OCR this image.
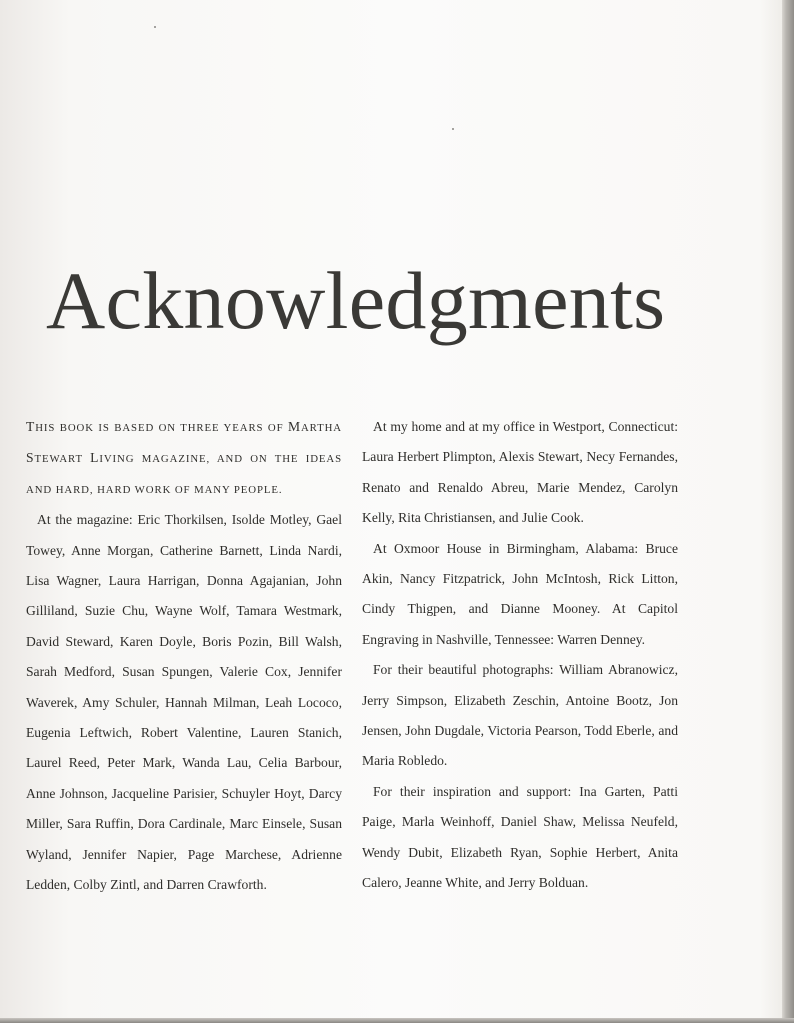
Acknowledgments

THIS BOOK IS BASED ON THREE YEARS OF MARTHA STEWART LIVING MAGAZINE, AND ON THE IDEAS AND HARD, HARD WORK OF MANY PEOPLE.

At the magazine: Eric Thorkilsen, Isolde Motley, Gael Towey, Anne Morgan, Catherine Barnett, Linda Nardi, Lisa Wagner, Laura Harrigan, Donna Agajanian, John Gilliland, Suzie Chu, Wayne Wolf, Tamara Westmark, David Steward, Karen Doyle, Boris Pozin, Bill Walsh, Sarah Medford, Susan Spungen, Valerie Cox, Jennifer Waverek, Amy Schuler, Hannah Milman, Leah Lococo, Eugenia Leftwich, Robert Valentine, Lauren Stanich, Laurel Reed, Peter Mark, Wanda Lau, Celia Barbour, Anne Johnson, Jacqueline Parisier, Schuyler Hoyt, Darcy Miller, Sara Ruffin, Dora Cardinale, Marc Einsele, Susan Wyland, Jennifer Napier, Page Marchese, Adrienne Ledden, Colby Zintl, and Darren Crawforth.

At my home and at my office in Westport, Connecticut: Laura Herbert Plimpton, Alexis Stewart, Necy Fernandes, Renato and Renaldo Abreu, Marie Mendez, Carolyn Kelly, Rita Christiansen, and Julie Cook.

At Oxmoor House in Birmingham, Alabama: Bruce Akin, Nancy Fitzpatrick, John McIntosh, Rick Litton, Cindy Thigpen, and Dianne Mooney. At Capitol Engraving in Nashville, Tennessee: Warren Denney.

For their beautiful photographs: William Abranowicz, Jerry Simpson, Elizabeth Zeschin, Antoine Bootz, Jon Jensen, John Dugdale, Victoria Pearson, Todd Eberle, and Maria Robledo.

For their inspiration and support: Ina Garten, Patti Paige, Marla Weinhoff, Daniel Shaw, Melissa Neufeld, Wendy Dubit, Elizabeth Ryan, Sophie Herbert, Anita Calero, Jeanne White, and Jerry Bolduan.
